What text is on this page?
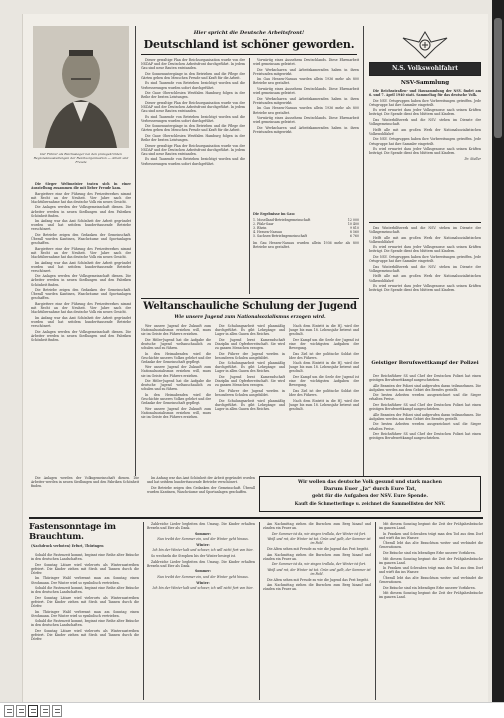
Der Führer als Reichssieger bei den preisgekrönten Regionalausstellungen der Reichsorganisation — Arbeit und Freude

Die Sieger Weltmeister traten sich in einer Ausstellung zusammen die mit lieber Freude kam.

Bargiettere eine der Führung des Freizeitwerkes nimmt mit Recht an der Neuheit. Vier Jahre nach der Machtübernahme hat das deutsche Volk ein neues Gesicht.

Die Anlagen werden der Volksgemeinschaft dienen. Die Arbeiter werden in neuen Siedlungen und den Fabriken Schönheit finden.

Im Anfang war das Amt Schönheit der Arbeit gegründet worden und hat seitdem hunderttausende Betriebe verschönert.

Die Betriebe zeigen den Gedanken der Gemeinschaft. Überall wurden Kantinen, Waschräume und Sportanlagen geschaffen.

Bargiettere eine der Führung des Freizeitwerkes nimmt mit Recht an der Neuheit. Vier Jahre nach der Machtübernahme hat das deutsche Volk ein neues Gesicht.

Im Anfang war das Amt Schönheit der Arbeit gegründet worden und hat seitdem hunderttausende Betriebe verschönert.

Die Anlagen werden der Volksgemeinschaft dienen. Die Arbeiter werden in neuen Siedlungen und den Fabriken Schönheit finden.

Die Betriebe zeigen den Gedanken der Gemeinschaft. Überall wurden Kantinen, Waschräume und Sportanlagen geschaffen.

Bargiettere eine der Führung des Freizeitwerkes nimmt mit Recht an der Neuheit. Vier Jahre nach der Machtübernahme hat das deutsche Volk ein neues Gesicht.

Im Anfang war das Amt Schönheit der Arbeit gegründet worden und hat seitdem hunderttausende Betriebe verschönert.

Die Anlagen werden der Volksgemeinschaft dienen. Die Arbeiter werden in neuen Siedlungen und den Fabriken Schönheit finden.

Hier spricht die Deutsche Arbeitsfront!
Deutschland ist schöner geworden.

Dieser gewaltige Plan der Reichsorganisation wurde von der NSDAP und der Deutschen Arbeitsfront durchgeführt. In jedem Gau sind neue Bauten entstanden.

Die Sonnenuntergänge in den Betrieben und die Pflege der Gärten geben den Menschen Freude und Kraft für die Arbeit.

Es sind Tausende von Betrieben besichtigt worden und die Verbesserungen wurden sofort durchgeführt.

Die Gaue Oberschlesien Westfalen Hamburg folgen in der Reihe der besten Leistungen.

Dieser gewaltige Plan der Reichsorganisation wurde von der NSDAP und der Deutschen Arbeitsfront durchgeführt. In jedem Gau sind neue Bauten entstanden.

Es sind Tausende von Betrieben besichtigt worden und die Verbesserungen wurden sofort durchgeführt.

Die Sonnenuntergänge in den Betrieben und die Pflege der Gärten geben den Menschen Freude und Kraft für die Arbeit.

Die Gaue Oberschlesien Westfalen Hamburg folgen in der Reihe der besten Leistungen.

Dieser gewaltige Plan der Reichsorganisation wurde von der NSDAP und der Deutschen Arbeitsfront durchgeführt. In jedem Gau sind neue Bauten entstanden.

Es sind Tausende von Betrieben besichtigt worden und die Verbesserungen wurden sofort durchgeführt.

Vorwärtig eines Aussehens Deutschlands. Diese Ehrenarbeit wird gemeinsam geleistet.

Die Werkscharen und Arbeitskameraden haben in ihren Freistunden mitgewirkt.

Im Gau Hessen-Nassau wurden allein 1936 mehr als 800 Betriebe neu gestaltet.

Vorwärtig eines Aussehens Deutschlands. Diese Ehrenarbeit wird gemeinsam geleistet.

Die Werkscharen und Arbeitskameraden haben in ihren Freistunden mitgewirkt.

Im Gau Hessen-Nassau wurden allein 1936 mehr als 800 Betriebe neu gestaltet.

Vorwärtig eines Aussehens Deutschlands. Diese Ehrenarbeit wird gemeinsam geleistet.

Die Werkscharen und Arbeitskameraden haben in ihren Freistunden mitgewirkt.

Die Ergebnisse im Gau:

1. Moselland-Betriebsgemeinschaft	12 000
2. Pfalz-Saar	10 400
3. Rhein	9 810
4. Hessen-Nassau	8 560
5. Sachsen-Betriebsgemeinschaft	6 760

Im Gau Hessen-Nassau wurden allein 1936 mehr als 800 Betriebe neu gestaltet.

N.S. Volkswohlfahrt
NSV-Sammlung

Die Reichsstraßen- und Hausammlung der NSV. findet am 6. und 7. April 1940 statt. Sammeltag für das deutsche Volk.

Die NSV. Ortsgruppen haben ihre Vorbereitungen getroffen. Jede Ortsgruppe hat ihre Sammler eingeteilt.

Es wird erwartet dass jeder Volksgenosse nach seinen Kräften beiträgt. Die Spende dient den Müttern und Kindern.

Das Winterhilfswerk und die NSV. stehen im Dienste der Volksgemeinschaft.

Helft alle mit am großen Werk der Nationalsozialistischen Volkswohlfahrt!

Die NSV. Ortsgruppen haben ihre Vorbereitungen getroffen. Jede Ortsgruppe hat ihre Sammler eingeteilt.

Es wird erwartet dass jeder Volksgenosse nach seinen Kräften beiträgt. Die Spende dient den Müttern und Kindern.

Dr. Steller

Das Winterhilfswerk und die NSV. stehen im Dienste der Volksgemeinschaft.

Helft alle mit am großen Werk der Nationalsozialistischen Volkswohlfahrt!

Es wird erwartet dass jeder Volksgenosse nach seinen Kräften beiträgt. Die Spende dient den Müttern und Kindern.

Die NSV. Ortsgruppen haben ihre Vorbereitungen getroffen. Jede Ortsgruppe hat ihre Sammler eingeteilt.

Das Winterhilfswerk und die NSV. stehen im Dienste der Volksgemeinschaft.

Helft alle mit am großen Werk der Nationalsozialistischen Volkswohlfahrt!

Es wird erwartet dass jeder Volksgenosse nach seinen Kräften beiträgt. Die Spende dient den Müttern und Kindern.

Geistiger Berufswettkampf der Polizei

Der Reichsführer SS und Chef der Deutschen Polizei hat einen geistigen Berufswettkampf ausgeschrieben.

Alle Beamten der Polizei sind aufgerufen daran teilzunehmen. Die Aufgaben werden aus dem Gebiet des Berufes gestellt.

Die besten Arbeiten werden ausgezeichnet und die Sieger erhalten Preise.

Der Reichsführer SS und Chef der Deutschen Polizei hat einen geistigen Berufswettkampf ausgeschrieben.

Alle Beamten der Polizei sind aufgerufen daran teilzunehmen. Die Aufgaben werden aus dem Gebiet des Berufes gestellt.

Die besten Arbeiten werden ausgezeichnet und die Sieger erhalten Preise.

Der Reichsführer SS und Chef der Deutschen Polizei hat einen geistigen Berufswettkampf ausgeschrieben.

Weltanschauliche Schulung der Jugend
Wie unsere Jugend zum Nationalsozialismus erzogen wird.

Wer unsere Jugend der Zukunft zum Nationalsozialismus erziehen will, muss sie im Geiste des Führers erziehen.

Die Hitler-Jugend hat die Aufgabe die deutsche Jugend weltanschaulich zu schulen und zu führen.

In den Heimabenden wird die Geschichte unseres Volkes gelehrt und der Gedanke der Gemeinschaft gepflegt.

Wer unsere Jugend der Zukunft zum Nationalsozialismus erziehen will, muss sie im Geiste des Führers erziehen.

Die Hitler-Jugend hat die Aufgabe die deutsche Jugend weltanschaulich zu schulen und zu führen.

In den Heimabenden wird die Geschichte unseres Volkes gelehrt und der Gedanke der Gemeinschaft gepflegt.

Wer unsere Jugend der Zukunft zum Nationalsozialismus erziehen will, muss sie im Geiste des Führers erziehen.

Die Schulungsarbeit wird planmäßig durchgeführt. Es gibt Lehrgänge und Lager in allen Gauen des Reiches.

Die Jugend lernt Kameradschaft Disziplin und Opferbereitschaft. Sie wird zu ganzen Menschen erzogen.

Die Führer der Jugend werden in besonderen Schulen ausgebildet.

Die Schulungsarbeit wird planmäßig durchgeführt. Es gibt Lehrgänge und Lager in allen Gauen des Reiches.

Die Jugend lernt Kameradschaft Disziplin und Opferbereitschaft. Sie wird zu ganzen Menschen erzogen.

Die Führer der Jugend werden in besonderen Schulen ausgebildet.

Die Schulungsarbeit wird planmäßig durchgeführt. Es gibt Lehrgänge und Lager in allen Gauen des Reiches.

Nach dem Eintritt in die HJ. wird der Junge bis zum 18. Lebensjahr betreut und geschult.

Der Kampf um die Seele der Jugend ist eine der wichtigsten Aufgaben der Bewegung.

Das Ziel ist der politische Soldat der Idee des Führers.

Nach dem Eintritt in die HJ. wird der Junge bis zum 18. Lebensjahr betreut und geschult.

Der Kampf um die Seele der Jugend ist eine der wichtigsten Aufgaben der Bewegung.

Das Ziel ist der politische Soldat der Idee des Führers.

Nach dem Eintritt in die HJ. wird der Junge bis zum 18. Lebensjahr betreut und geschult.

Wir wollen das deutsche Volk gesund und stark machen
Darum Euer „Ja“ durch Eure Tat,
gebt für die Aufgaben der NSV. Eure Spende.
Kauft die Schmetterlinge u. zeichnet die Sammellisten der NSV.

Die Anlagen werden der Volksgemeinschaft dienen. Die Arbeiter werden in neuen Siedlungen und den Fabriken Schönheit finden.

Im Anfang war das Amt Schönheit der Arbeit gegründet worden und hat seitdem hunderttausende Betriebe verschönert.

Die Betriebe zeigen den Gedanken der Gemeinschaft. Überall wurden Kantinen, Waschräume und Sportanlagen geschaffen.

Fastensonntage im Brauchtum.

(Nachdruck verboten) Erfurt, Thüringen

Sobald die Fastenzeit kommt, beginnt eine Reihe alter Bräuche in den deutschen Landschaften.

Der Sonntag Lätare wird vielerorts als Winteraustreiben gefeiert. Die Kinder ziehen mit Stroh und Tannen durch die Dörfer.

Im Thüringer Wald verbrennt man am Sonntag einen Strohmann. Der Winter wird so symbolisch vertrieben.

Sobald die Fastenzeit kommt, beginnt eine Reihe alter Bräuche in den deutschen Landschaften.

Der Sonntag Lätare wird vielerorts als Winteraustreiben gefeiert. Die Kinder ziehen mit Stroh und Tannen durch die Dörfer.

Im Thüringer Wald verbrennt man am Sonntag einen Strohmann. Der Winter wird so symbolisch vertrieben.

Sobald die Fastenzeit kommt, beginnt eine Reihe alter Bräuche in den deutschen Landschaften.

Der Sonntag Lätare wird vielerorts als Winteraustreiben gefeiert. Die Kinder ziehen mit Stroh und Tannen durch die Dörfer.

Zahlreiche Lieder begleiten den Umzug. Die Kinder erhalten Brezeln und Eier als Dank.

Sommer:

Nun treibt der Sommer ein, und der Winter geht hinaus.

Winter:

Ich bin der Winter kalt und schwer, ich will nicht fort von hier.

So wechseln die Strophen bis der Winter besiegt ist.

Zahlreiche Lieder begleiten den Umzug. Die Kinder erhalten Brezeln und Eier als Dank.

Sommer:

Nun treibt der Sommer ein, und der Winter geht hinaus.

Winter:

Ich bin der Winter kalt und schwer, ich will nicht fort von hier.

Am Nachmittag ziehen die Burschen zum Berg hinauf und zünden ein Feuer an.

Der Sommer ist da, wir singen trallala, der Winter ist fort.

Weiß und rot, der Winter ist tot. Grün und gelb, der Sommer ist im Feld.

Die Alten sehen mit Freude zu wie die Jugend das Fest begeht.

Am Nachmittag ziehen die Burschen zum Berg hinauf und zünden ein Feuer an.

Der Sommer ist da, wir singen trallala, der Winter ist fort.

Weiß und rot, der Winter ist tot. Grün und gelb, der Sommer ist im Feld.

Die Alten sehen mit Freude zu wie die Jugend das Fest begeht.

Am Nachmittag ziehen die Burschen zum Berg hinauf und zünden ein Feuer an.

Mit diesem Sonntag beginnt die Zeit der Frühjahrsbräuche im ganzen Land.

In Franken und Schwaben trägt man den Tod aus dem Dorf und wirft ihn ins Wasser.

Überall lebt das alte Brauchtum weiter und verbindet die Generationen.

Die Bräuche sind ein lebendiges Erbe unserer Vorfahren.

Mit diesem Sonntag beginnt die Zeit der Frühjahrsbräuche im ganzen Land.

In Franken und Schwaben trägt man den Tod aus dem Dorf und wirft ihn ins Wasser.

Überall lebt das alte Brauchtum weiter und verbindet die Generationen.

Die Bräuche sind ein lebendiges Erbe unserer Vorfahren.

Mit diesem Sonntag beginnt die Zeit der Frühjahrsbräuche im ganzen Land.
